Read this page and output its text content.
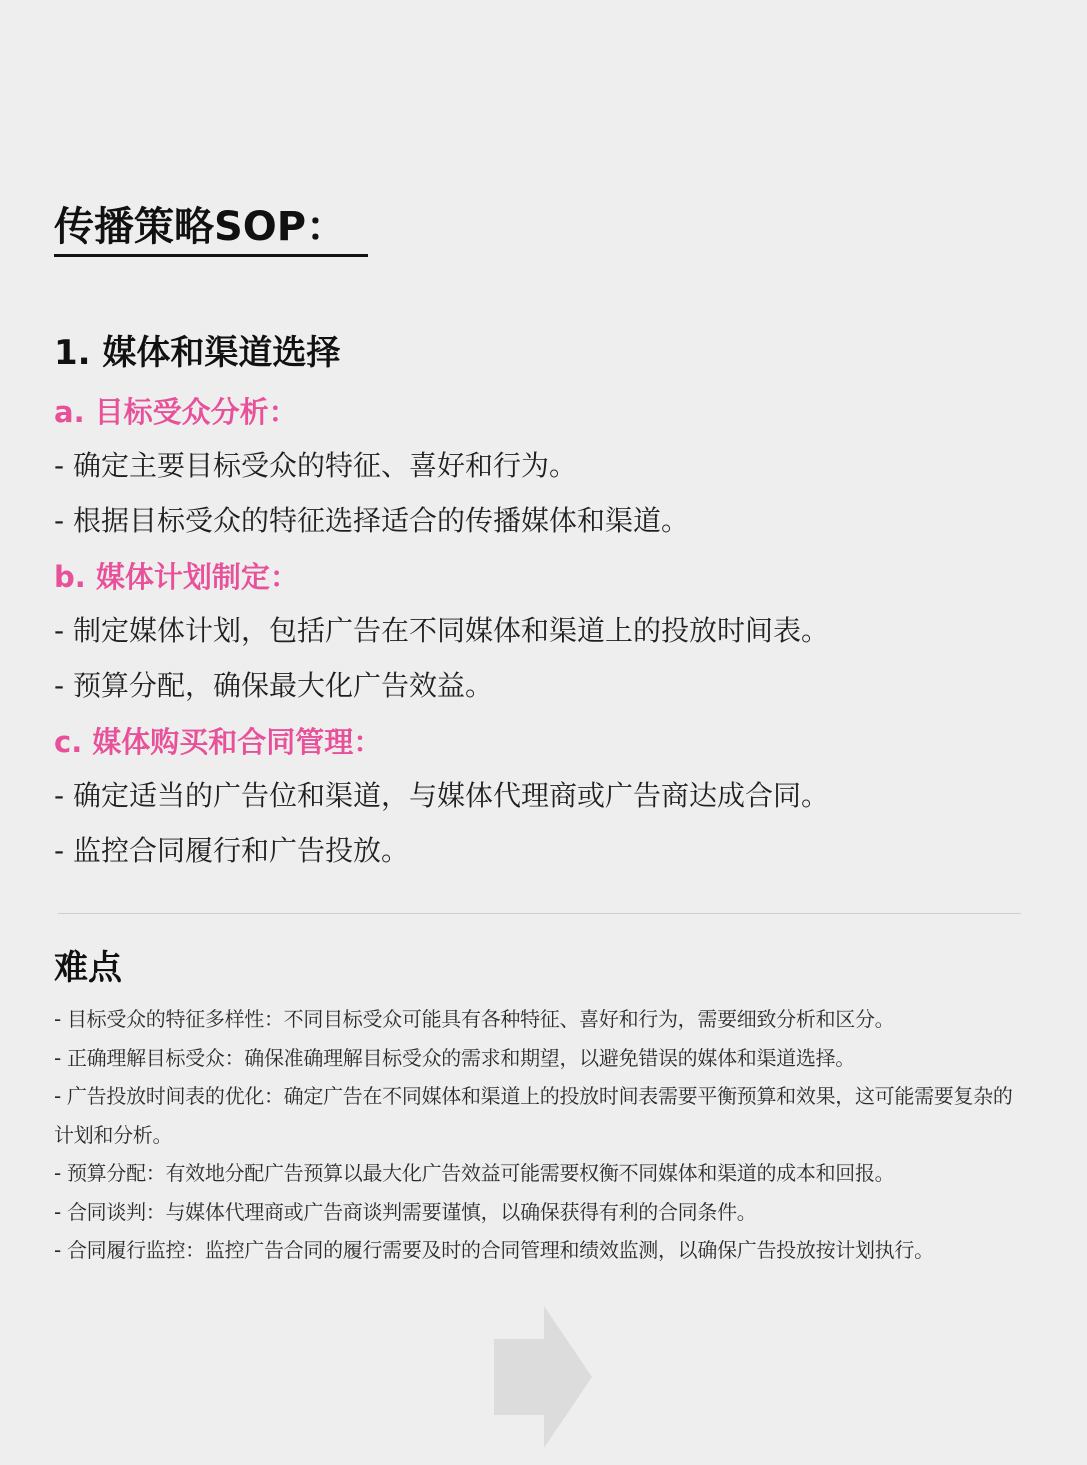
传播策略SOP：
1. 媒体和渠道选择
a. 目标受众分析：

- 确定主要目标受众的特征、喜好和行为。

- 根据目标受众的特征选择适合的传播媒体和渠道。

b. 媒体计划制定：

- 制定媒体计划，包括广告在不同媒体和渠道上的投放时间表。

- 预算分配，确保最大化广告效益。

c. 媒体购买和合同管理：

- 确定适当的广告位和渠道，与媒体代理商或广告商达成合同。

- 监控合同履行和广告投放。

难点
- 目标受众的特征多样性：不同目标受众可能具有各种特征、喜好和行为，需要细致分析和区分。
- 正确理解目标受众：确保准确理解目标受众的需求和期望，以避免错误的媒体和渠道选择。
- 广告投放时间表的优化：确定广告在不同媒体和渠道上的投放时间表需要平衡预算和效果，这可能需要复杂的计划和分析。
- 预算分配：有效地分配广告预算以最大化广告效益可能需要权衡不同媒体和渠道的成本和回报。
- 合同谈判：与媒体代理商或广告商谈判需要谨慎，以确保获得有利的合同条件。
- 合同履行监控：监控广告合同的履行需要及时的合同管理和绩效监测，以确保广告投放按计划执行。
